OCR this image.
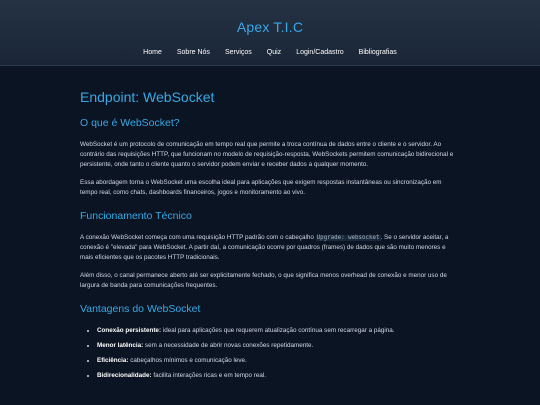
Apex T.I.C
Home Sobre Nós Serviços Quiz Login/Cadastro Bibliografias
Endpoint: WebSocket
O que é WebSocket?

WebSocket é um protocolo de comunicação em tempo real que permite a troca contínua de dados entre o cliente e o servidor. Ao contrário das requisições HTTP, que funcionam no modelo de requisição-resposta, WebSockets permitem comunicação bidirecional e persistente, onde tanto o cliente quanto o servidor podem enviar e receber dados a qualquer momento.

Essa abordagem torna o WebSocket uma escolha ideal para aplicações que exigem respostas instantâneas ou sincronização em tempo real, como chats, dashboards financeiros, jogos e monitoramento ao vivo.

Funcionamento Técnico

A conexão WebSocket começa com uma requisição HTTP padrão com o cabeçalho Upgrade: websocket. Se o servidor aceitar, a conexão é "elevada" para WebSocket. A partir daí, a comunicação ocorre por quadros (frames) de dados que são muito menores e mais eficientes que os pacotes HTTP tradicionais.

Além disso, o canal permanece aberto até ser explicitamente fechado, o que significa menos overhead de conexão e menor uso de largura de banda para comunicações frequentes.

Vantagens do WebSocket
• Conexão persistente: ideal para aplicações que requerem atualização contínua sem recarregar a página.
• Menor latência: sem a necessidade de abrir novas conexões repetidamente.
• Eficiência: cabeçalhos mínimos e comunicação leve.
• Bidirecionalidade: facilita interações ricas e em tempo real.
